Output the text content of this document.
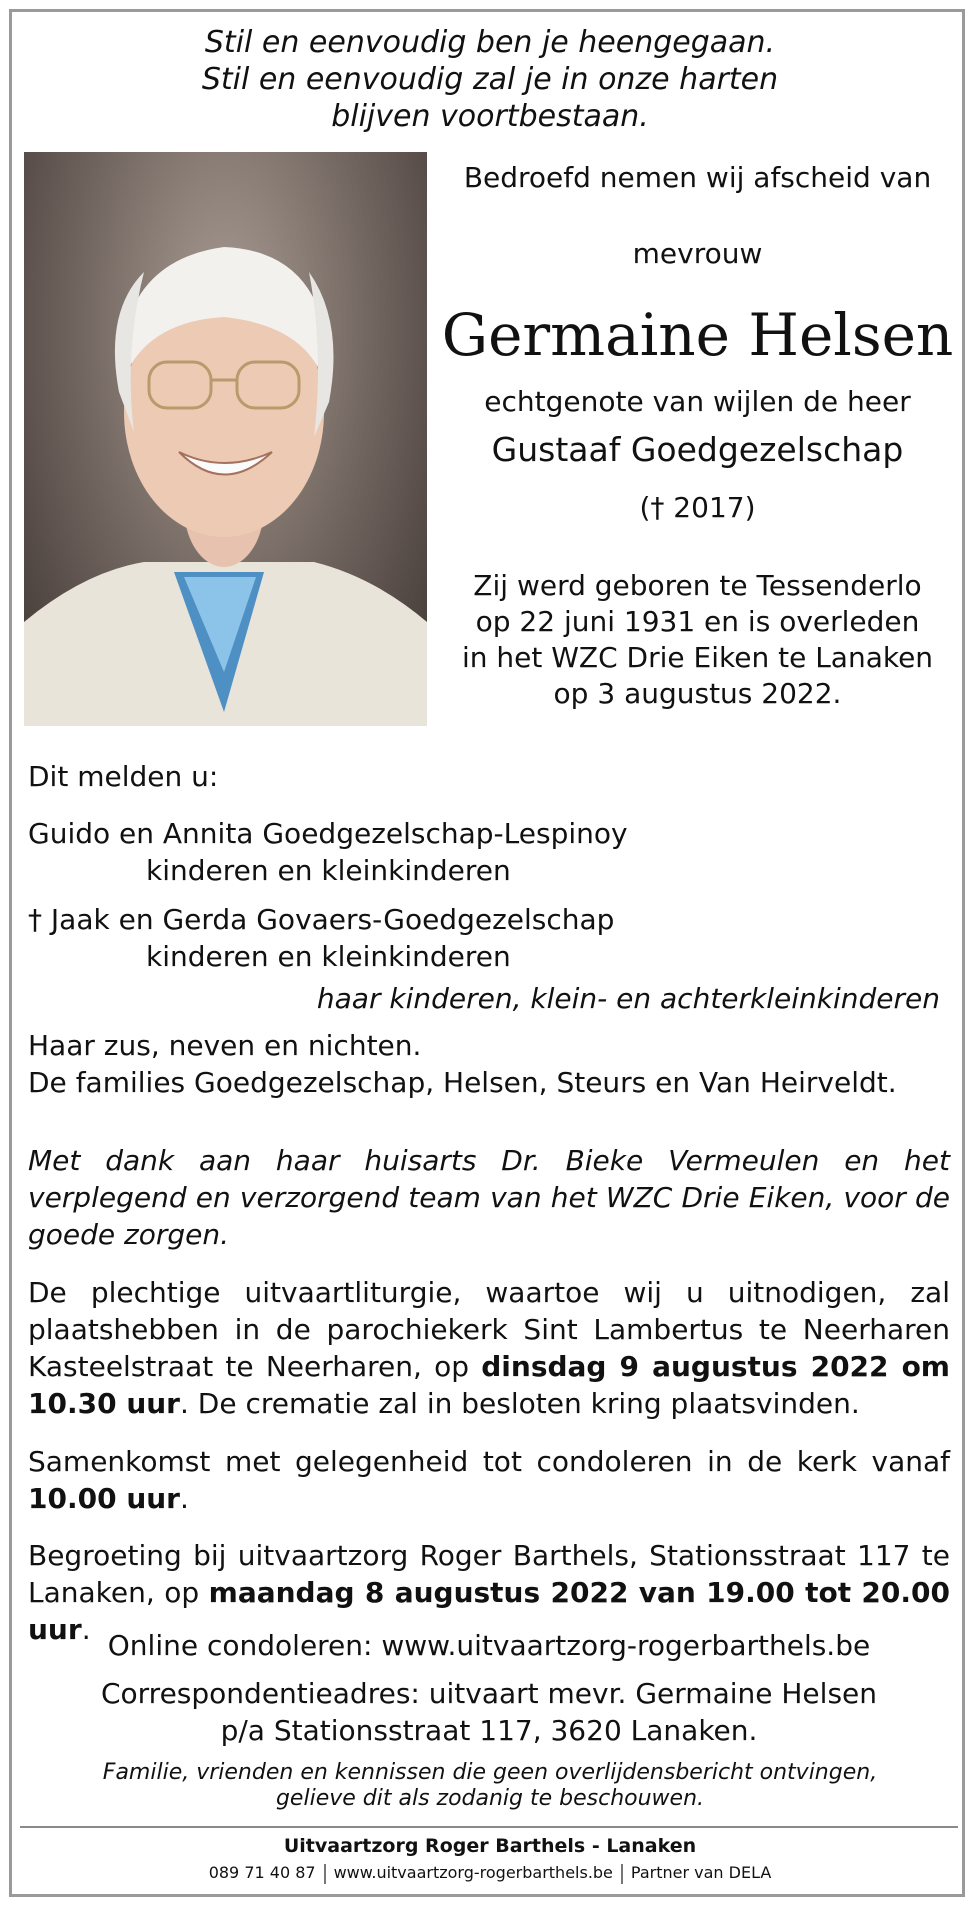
Stil en eenvoudig ben je heengegaan.
Stil en eenvoudig zal je in onze harten
blijven voortbestaan.
Bedroefd nemen wij afscheid van
mevrouw
Germaine Helsen
echtgenote van wijlen de heer
Gustaaf Goedgezelschap
(† 2017)
Zij werd geboren te Tessenderlo
op 22 juni 1931 en is overleden
in het WZC Drie Eiken te Lanaken
op 3 augustus 2022.
Dit melden u:
Guido en Annita Goedgezelschap-Lespinoy
kinderen en kleinkinderen
† Jaak en Gerda Govaers-Goedgezelschap
kinderen en kleinkinderen
haar kinderen, klein- en achterkleinkinderen
Haar zus, neven en nichten.
De families Goedgezelschap, Helsen, Steurs en Van Heirveldt.
Met dank aan haar huisarts Dr. Bieke Vermeulen en het verplegend en verzorgend team van het WZC Drie Eiken, voor de goede zorgen.
De plechtige uitvaartliturgie, waartoe wij u uitnodigen, zal plaatshebben in de parochiekerk Sint Lambertus te Neerharen Kasteelstraat te Neerharen, op dinsdag 9 augustus 2022 om 10.30 uur. De crematie zal in besloten kring plaatsvinden.
Samenkomst met gelegenheid tot condoleren in de kerk vanaf 10.00 uur.
Begroeting bij uitvaartzorg Roger Barthels, Stationsstraat 117 te Lanaken, op maandag 8 augustus 2022 van 19.00 tot 20.00 uur. Online condoleren: www.uitvaartzorg-rogerbarthels.be
Correspondentieadres: uitvaart mevr. Germaine Helsen
p/a Stationsstraat 117, 3620 Lanaken.
Familie, vrienden en kennissen die geen overlijdensbericht ontvingen,
gelieve dit als zodanig te beschouwen.
Uitvaartzorg Roger Barthels - Lanaken
089 71 40 87 www.uitvaartzorg-rogerbarthels.be Partner van DELA
